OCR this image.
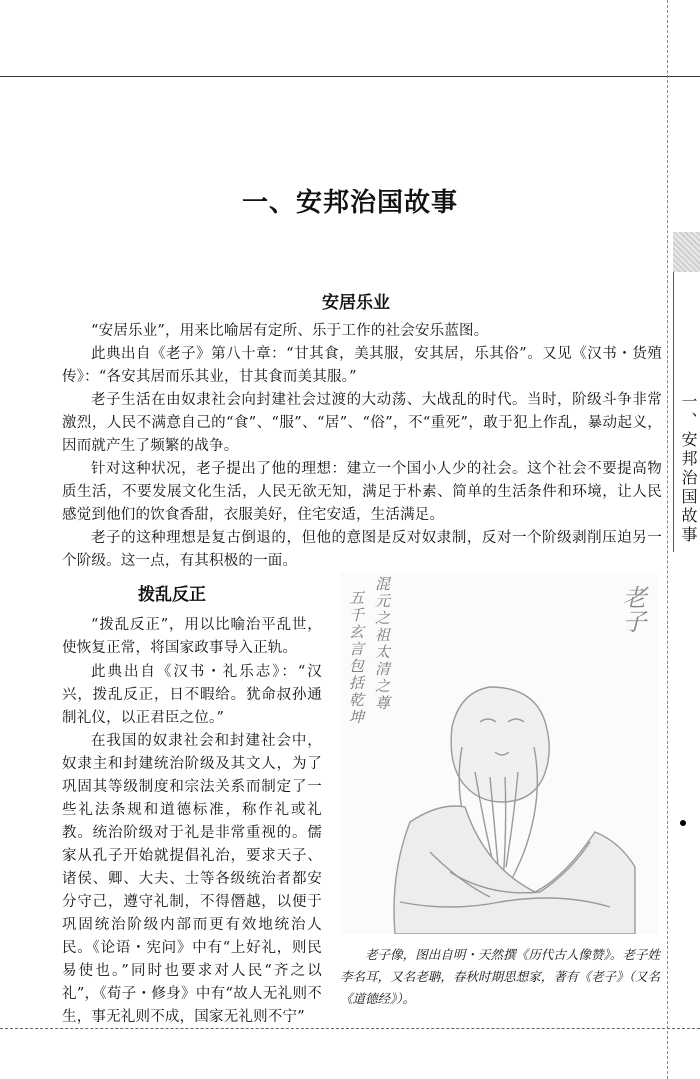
一、安邦治国故事
一、安邦治国故事
安居乐业

“安居乐业”，用来比喻居有定所、乐于工作的社会安乐蓝图。

此典出自《老子》第八十章：“甘其食，美其服，安其居，乐其俗”。又见《汉书・货殖传》：“各安其居而乐其业，甘其食而美其服。”

老子生活在由奴隶社会向封建社会过渡的大动荡、大战乱的时代。当时，阶级斗争非常激烈，人民不满意自己的“食”、“服”、“居”、“俗”，不“重死”，敢于犯上作乱，暴动起义，因而就产生了频繁的战争。

针对这种状况，老子提出了他的理想：建立一个国小人少的社会。这个社会不要提高物质生活，不要发展文化生活，人民无欲无知，满足于朴素、简单的生活条件和环境，让人民感觉到他们的饮食香甜，衣服美好，住宅安适，生活满足。

老子的这种理想是复古倒退的，但他的意图是反对奴隶制，反对一个阶级剥削压迫另一个阶级。这一点，有其积极的一面。

拨乱反正

“拨乱反正”，用以比喻治平乱世，使恢复正常，将国家政事导入正轨。

此典出自《汉书・礼乐志》：“汉兴，拨乱反正，日不暇给。犹命叔孙通制礼仪，以正君臣之位。”

在我国的奴隶社会和封建社会中，奴隶主和封建统治阶级及其文人，为了巩固其等级制度和宗法关系而制定了一些礼法条规和道德标准，称作礼或礼教。统治阶级对于礼是非常重视的。儒家从孔子开始就提倡礼治，要求天子、诸侯、卿、大夫、士等各级统治者都安分守己，遵守礼制，不得僭越，以便于巩固统治阶级内部而更有效地统治人民。《论语・宪问》中有“上好礼，则民易使也。”同时也要求对人民“齐之以礼”，《荀子・修身》中有“故人无礼则不生，事无礼则不成，国家无礼则不宁”

混元之祖太清之尊
五千玄言包括乾坤	老子

老子像，图出自明・天然撰《历代古人像赞》。老子姓李名耳，又名老聃，春秋时期思想家，著有《老子》（又名《道德经》）。
